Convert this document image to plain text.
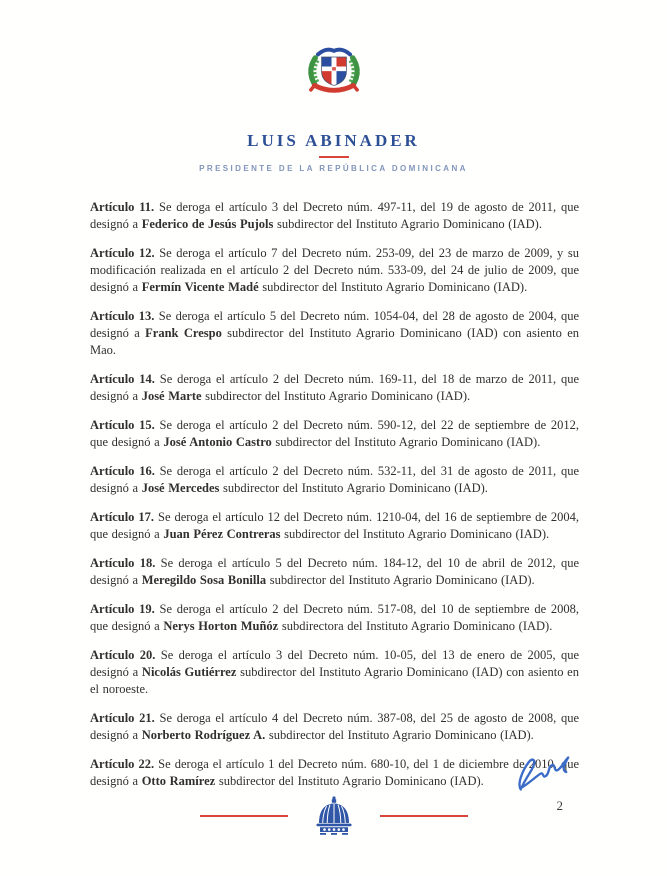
LUIS ABINADER
PRESIDENTE DE LA REPÚBLICA DOMINICANA

Artículo 11. Se deroga el artículo 3 del Decreto núm. 497-11, del 19 de agosto de 2011, que designó a Federico de Jesús Pujols subdirector del Instituto Agrario Dominicano (IAD).

Artículo 12. Se deroga el artículo 7 del Decreto núm. 253-09, del 23 de marzo de 2009, y su modificación realizada en el artículo 2 del Decreto núm. 533-09, del 24 de julio de 2009, que designó a Fermín Vicente Madé subdirector del Instituto Agrario Dominicano (IAD).

Artículo 13. Se deroga el artículo 5 del Decreto núm. 1054-04, del 28 de agosto de 2004, que designó a Frank Crespo subdirector del Instituto Agrario Dominicano (IAD) con asiento en Mao.

Artículo 14. Se deroga el artículo 2 del Decreto núm. 169-11, del 18 de marzo de 2011, que designó a José Marte subdirector del Instituto Agrario Dominicano (IAD).

Artículo 15. Se deroga el artículo 2 del Decreto núm. 590-12, del 22 de septiembre de 2012, que designó a José Antonio Castro subdirector del Instituto Agrario Dominicano (IAD).

Artículo 16. Se deroga el artículo 2 del Decreto núm. 532-11, del 31 de agosto de 2011, que designó a José Mercedes subdirector del Instituto Agrario Dominicano (IAD).

Artículo 17. Se deroga el artículo 12 del Decreto núm. 1210-04, del 16 de septiembre de 2004, que designó a Juan Pérez Contreras subdirector del Instituto Agrario Dominicano (IAD).

Artículo 18. Se deroga el artículo 5 del Decreto núm. 184-12, del 10 de abril de 2012, que designó a Meregildo Sosa Bonilla subdirector del Instituto Agrario Dominicano (IAD).

Artículo 19. Se deroga el artículo 2 del Decreto núm. 517-08, del 10 de septiembre de 2008, que designó a Nerys Horton Muñóz subdirectora del Instituto Agrario Dominicano (IAD).

Artículo 20. Se deroga el artículo 3 del Decreto núm. 10-05, del 13 de enero de 2005, que designó a Nicolás Gutiérrez subdirector del Instituto Agrario Dominicano (IAD) con asiento en el noroeste.

Artículo 21. Se deroga el artículo 4 del Decreto núm. 387-08, del 25 de agosto de 2008, que designó a Norberto Rodríguez A. subdirector del Instituto Agrario Dominicano (IAD).

Artículo 22. Se deroga el artículo 1 del Decreto núm. 680-10, del 1 de diciembre de 2010, que designó a Otto Ramírez subdirector del Instituto Agrario Dominicano (IAD).

2
